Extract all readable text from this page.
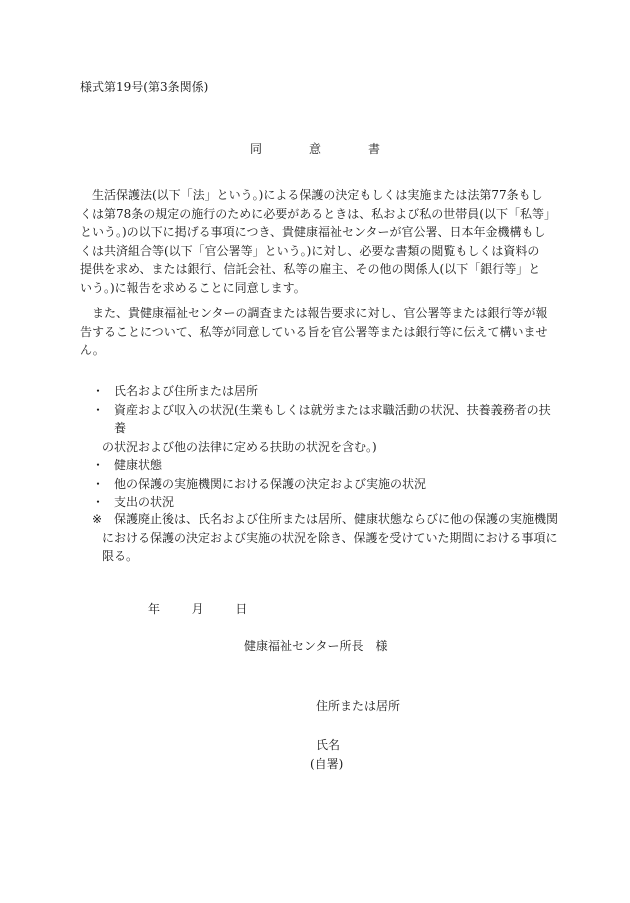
様式第19号(第3条関係)
同	意	書
生活保護法(以下「法」という。)による保護の決定もしくは実施または法第77条もしくは第78条の規定の施行のために必要があるときは、私および私の世帯員(以下「私等」という。)の以下に掲げる事項につき、貴健康福祉センターが官公署、日本年金機構もしくは共済組合等(以下「官公署等」という。)に対し、必要な書類の閲覧もしくは資料の提供を求め、または銀行、信託会社、私等の雇主、その他の関係人(以下「銀行等」という。)に報告を求めることに同意します。
また、貴健康福祉センターの調査または報告要求に対し、官公署等または銀行等が報告することについて、私等が同意している旨を官公署等または銀行等に伝えて構いません。
・ 氏名および住所または居所
・ 資産および収入の状況(生業もしくは就労または求職活動の状況、扶養義務者の扶養
の状況および他の法律に定める扶助の状況を含む。)
・ 健康状態
・ 他の保護の実施機関における保護の決定および実施の状況
・ 支出の状況
※ 保護廃止後は、氏名および住所または居所、健康状態ならびに他の保護の実施機関
における保護の決定および実施の状況を除き、保護を受けていた期間における事項に
限る。
年	月	日
健康福祉センター所長　様
住所または居所
氏名
(自署)
